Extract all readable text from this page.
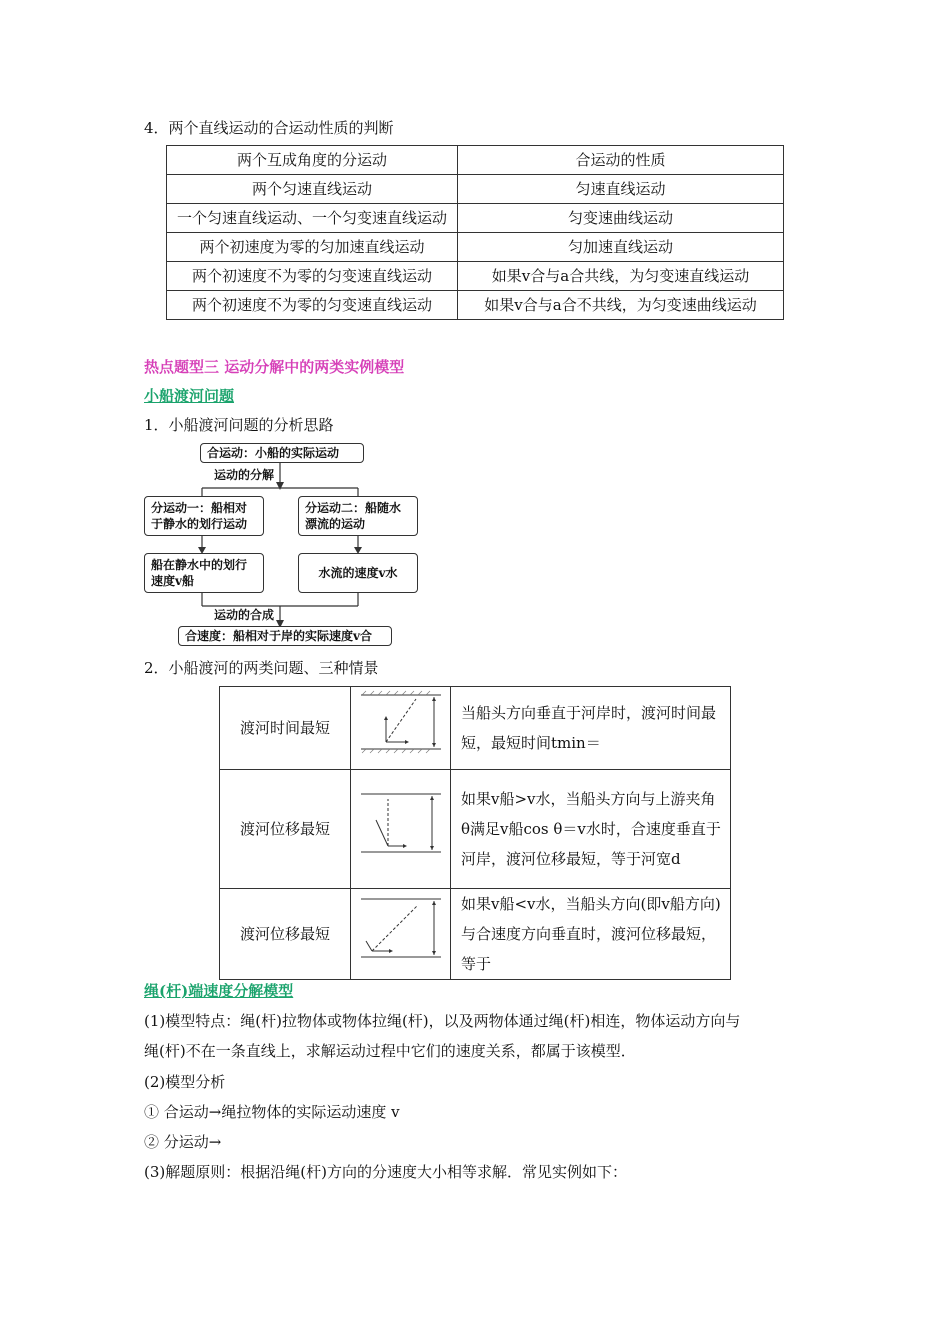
4．两个直线运动的合运动性质的判断
两个互成角度的分运动	合运动的性质
两个匀速直线运动	匀速直线运动
一个匀速直线运动、一个匀变速直线运动	匀变速曲线运动
两个初速度为零的匀加速直线运动	匀加速直线运动
两个初速度不为零的匀变速直线运动	如果v合与a合共线，为匀变速直线运动
两个初速度不为零的匀变速直线运动	如果v合与a合不共线，为匀变速曲线运动
热点题型三 运动分解中的两类实例模型
小船渡河问题
1．小船渡河问题的分析思路
合运动：小船的实际运动
运动的分解
分运动一：船相对于静水的划行运动
分运动二：船随水漂流的运动
船在静水中的划行速度v船
水流的速度v水
运动的合成
合速度：船相对于岸的实际速度v合
2．小船渡河的两类问题、三种情景
渡河时间最短		当船头方向垂直于河岸时，渡河时间最短，最短时间tmin＝
渡河位移最短		如果v船>v水，当船头方向与上游夹角θ满足v船cos θ＝v水时，合速度垂直于河岸，渡河位移最短，等于河宽d
渡河位移最短		如果v船<v水，当船头方向(即v船方向)与合速度方向垂直时，渡河位移最短，等于
绳(杆)端速度分解模型
(1)模型特点：绳(杆)拉物体或物体拉绳(杆)，以及两物体通过绳(杆)相连，物体运动方向与
绳(杆)不在一条直线上，求解运动过程中它们的速度关系，都属于该模型．
(2)模型分析
① 合运动→绳拉物体的实际运动速度 v
② 分运动→
(3)解题原则：根据沿绳(杆)方向的分速度大小相等求解．常见实例如下：
